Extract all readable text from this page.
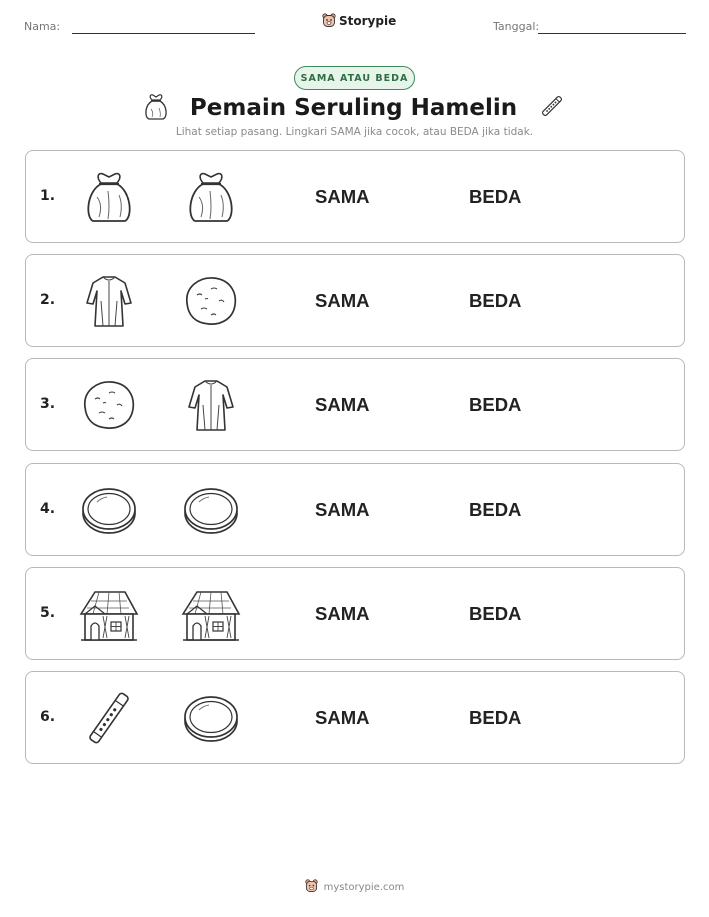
Nama:	Storypie	Tanggal:
SAMA ATAU BEDA
Pemain Seruling Hamelin
Lihat setiap pasang. Lingkari SAMA jika cocok, atau BEDA jika tidak.
1.	SAMA	BEDA
2.	SAMA	BEDA
3.	SAMA	BEDA
4.	SAMA	BEDA
5.	SAMA	BEDA
6.	SAMA	BEDA
mystorypie.com
